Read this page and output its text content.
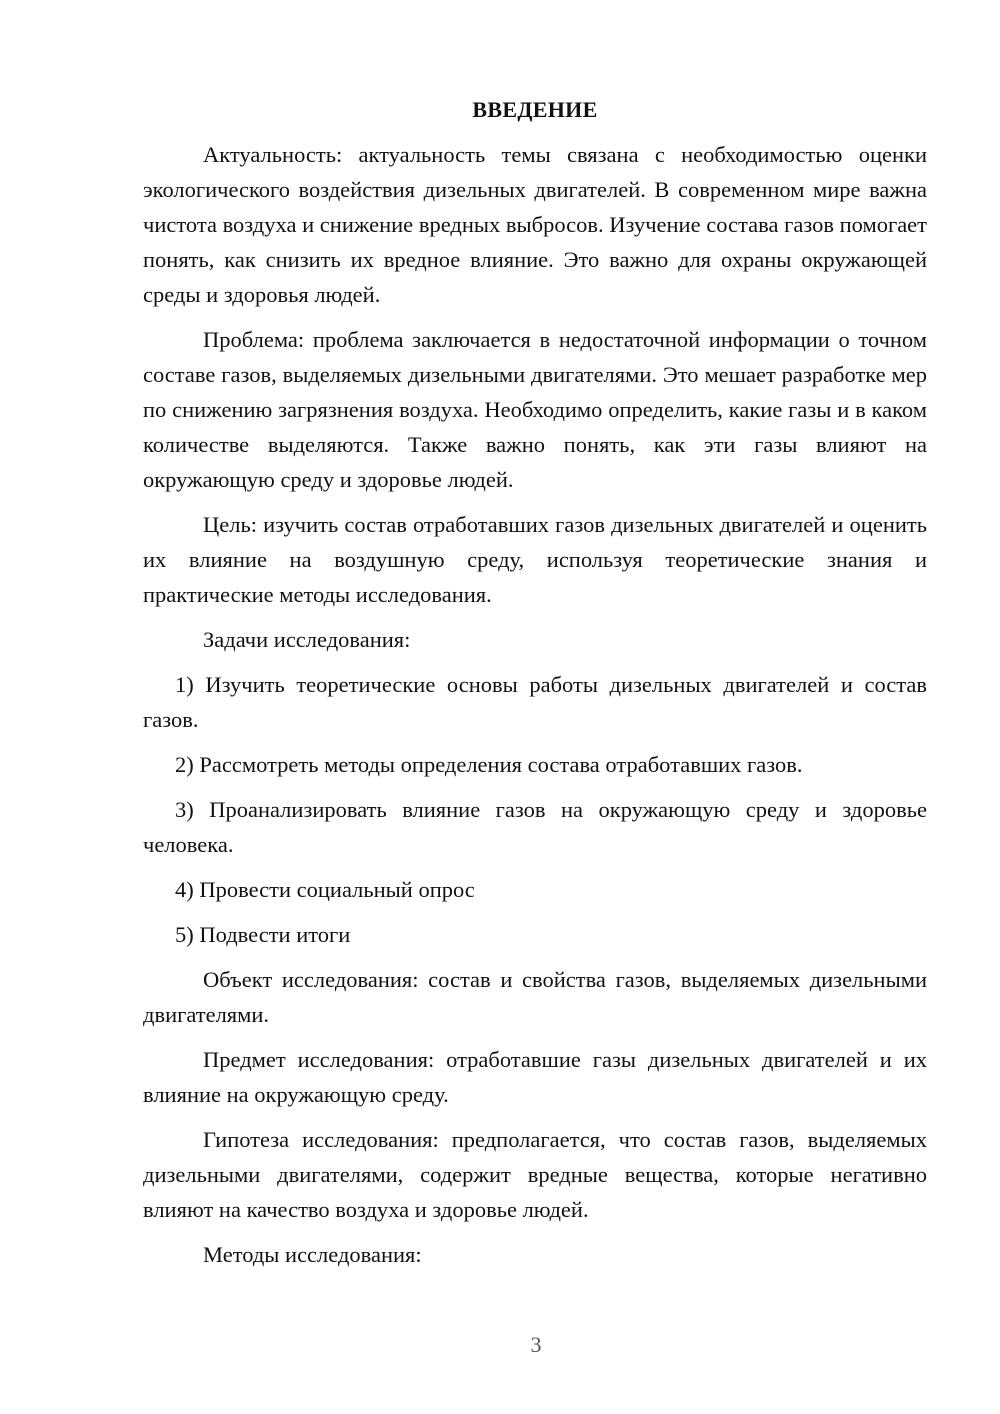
ВВЕДЕНИЕ

Актуальность: актуальность темы связана с необходимостью оценки экологического воздействия дизельных двигателей. В современном мире важна чистота воздуха и снижение вредных выбросов. Изучение состава газов помогает понять, как снизить их вредное влияние. Это важно для охраны окружающей среды и здоровья людей.

Проблема: проблема заключается в недостаточной информации о точном составе газов, выделяемых дизельными двигателями. Это мешает разработке мер по снижению загрязнения воздуха. Необходимо определить, какие газы и в каком количестве выделяются. Также важно понять, как эти газы влияют на окружающую среду и здоровье людей.

Цель: изучить состав отработавших газов дизельных двигателей и оценить их влияние на воздушную среду, используя теоретические знания и практические методы исследования.

Задачи исследования:

1) Изучить теоретические основы работы дизельных двигателей и состав газов.

2) Рассмотреть методы определения состава отработавших газов.

3) Проанализировать влияние газов на окружающую среду и здоровье человека.

4) Провести социальный опрос

5) Подвести итоги

Объект исследования: состав и свойства газов, выделяемых дизельными двигателями.

Предмет исследования: отработавшие газы дизельных двигателей и их влияние на окружающую среду.

Гипотеза исследования: предполагается, что состав газов, выделяемых дизельными двигателями, содержит вредные вещества, которые негативно влияют на качество воздуха и здоровье людей.

Методы исследования:

3
